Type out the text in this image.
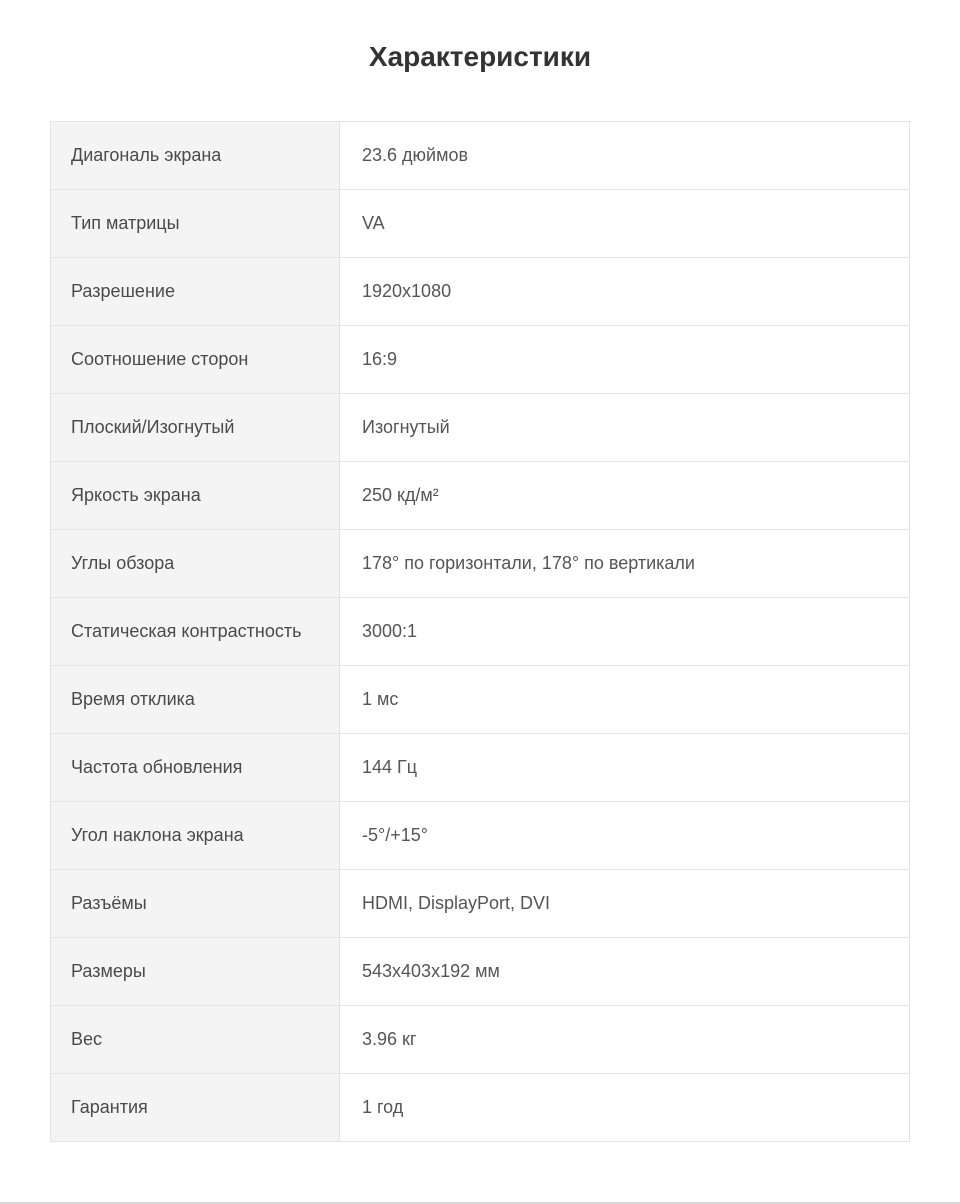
Характеристики
Диагональ экрана	23.6 дюймов
Тип матрицы	VA
Разрешение	1920x1080
Соотношение сторон	16:9
Плоский/Изогнутый	Изогнутый
Яркость экрана	250 кд/м²
Углы обзора	178° по горизонтали, 178° по вертикали
Статическая контрастность	3000:1
Время отклика	1 мс
Частота обновления	144 Гц
Угол наклона экрана	-5°/+15°
Разъёмы	HDMI, DisplayPort, DVI
Размеры	543x403x192 мм
Вес	3.96 кг
Гарантия	1 год
